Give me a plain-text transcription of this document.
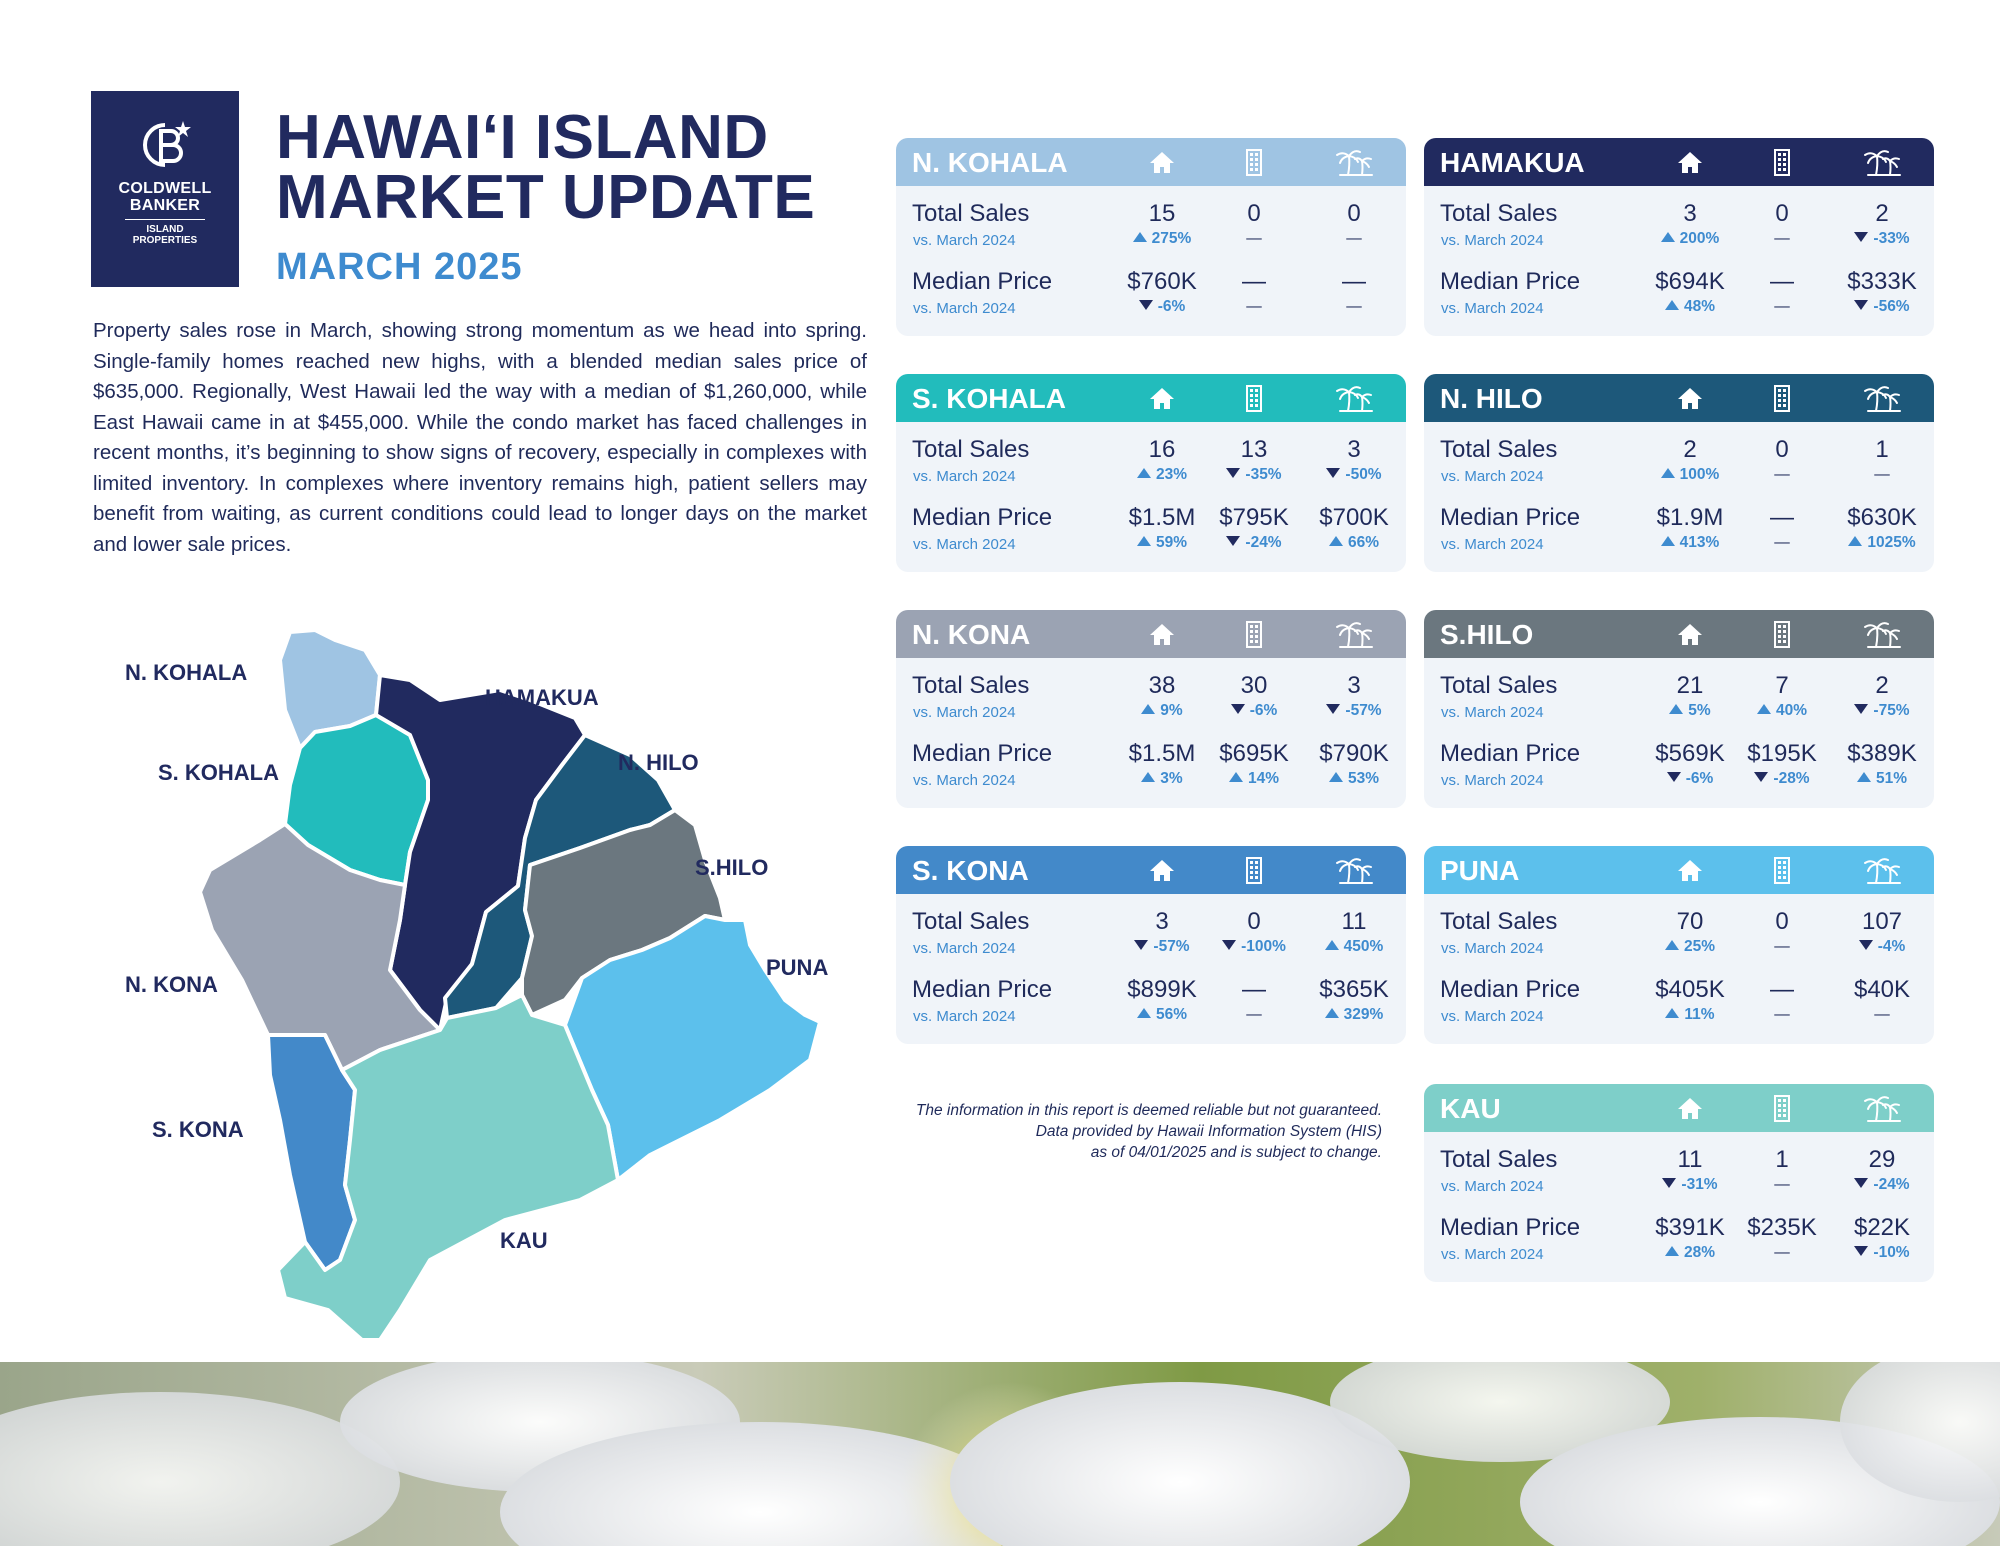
COLDWELL
BANKER
ISLAND
PROPERTIES
HAWAI‘I ISLAND
MARKET UPDATE
MARCH 2025
Property sales rose in March, showing strong momentum as we head into spring. Single-family homes reached new highs, with a blended median sales price of $635,000. Regionally, West Hawaii led the way with a median of $1,260,000, while East Hawaii came in at $455,000. While the condo market has faced challenges in recent months, it’s beginning to show signs of recovery, especially in complexes with limited inventory. In complexes where inventory remains high, patient sellers may benefit from waiting, as current conditions could lead to longer days on the market and lower sale prices.
N. KOHALA
HAMAKUA
S. KOHALA	N. HILO
S.HILO
PUNA
N. KONA
S. KONA
KAU
N. KOHALA
Total Sales
vs. March 2024
15
275%
0
—
0
—
Median Price
vs. March 2024
$760K
-6%
—
—
—
—
HAMAKUA
Total Sales
vs. March 2024
3
200%
0
—
2
-33%
Median Price
vs. March 2024
$694K
48%
—
—
$333K
-56%
S. KOHALA
Total Sales
vs. March 2024
16
23%
13
-35%
3
-50%
Median Price
vs. March 2024
$1.5M
59%
$795K
-24%
$700K
66%
N. HILO
Total Sales
vs. March 2024
2
100%
0
—
1
—
Median Price
vs. March 2024
$1.9M
413%
—
—
$630K
1025%
N. KONA
Total Sales
vs. March 2024
38
9%
30
-6%
3
-57%
Median Price
vs. March 2024
$1.5M
3%
$695K
14%
$790K
53%
S.HILO
Total Sales
vs. March 2024
21
5%
7
40%
2
-75%
Median Price
vs. March 2024
$569K
-6%
$195K
-28%
$389K
51%
S. KONA
Total Sales
vs. March 2024
3
-57%
0
-100%
11
450%
Median Price
vs. March 2024
$899K
56%
—
—
$365K
329%
PUNA
Total Sales
vs. March 2024
70
25%
0
—
107
-4%
Median Price
vs. March 2024
$405K
11%
—
—
$40K
—
KAU
Total Sales
vs. March 2024
11
-31%
1
—
29
-24%
Median Price
vs. March 2024
$391K
28%
$235K
—
$22K
-10%
The information in this report is deemed reliable but not guaranteed.
Data provided by Hawaii Information System (HIS)
as of 04/01/2025 and is subject to change.
